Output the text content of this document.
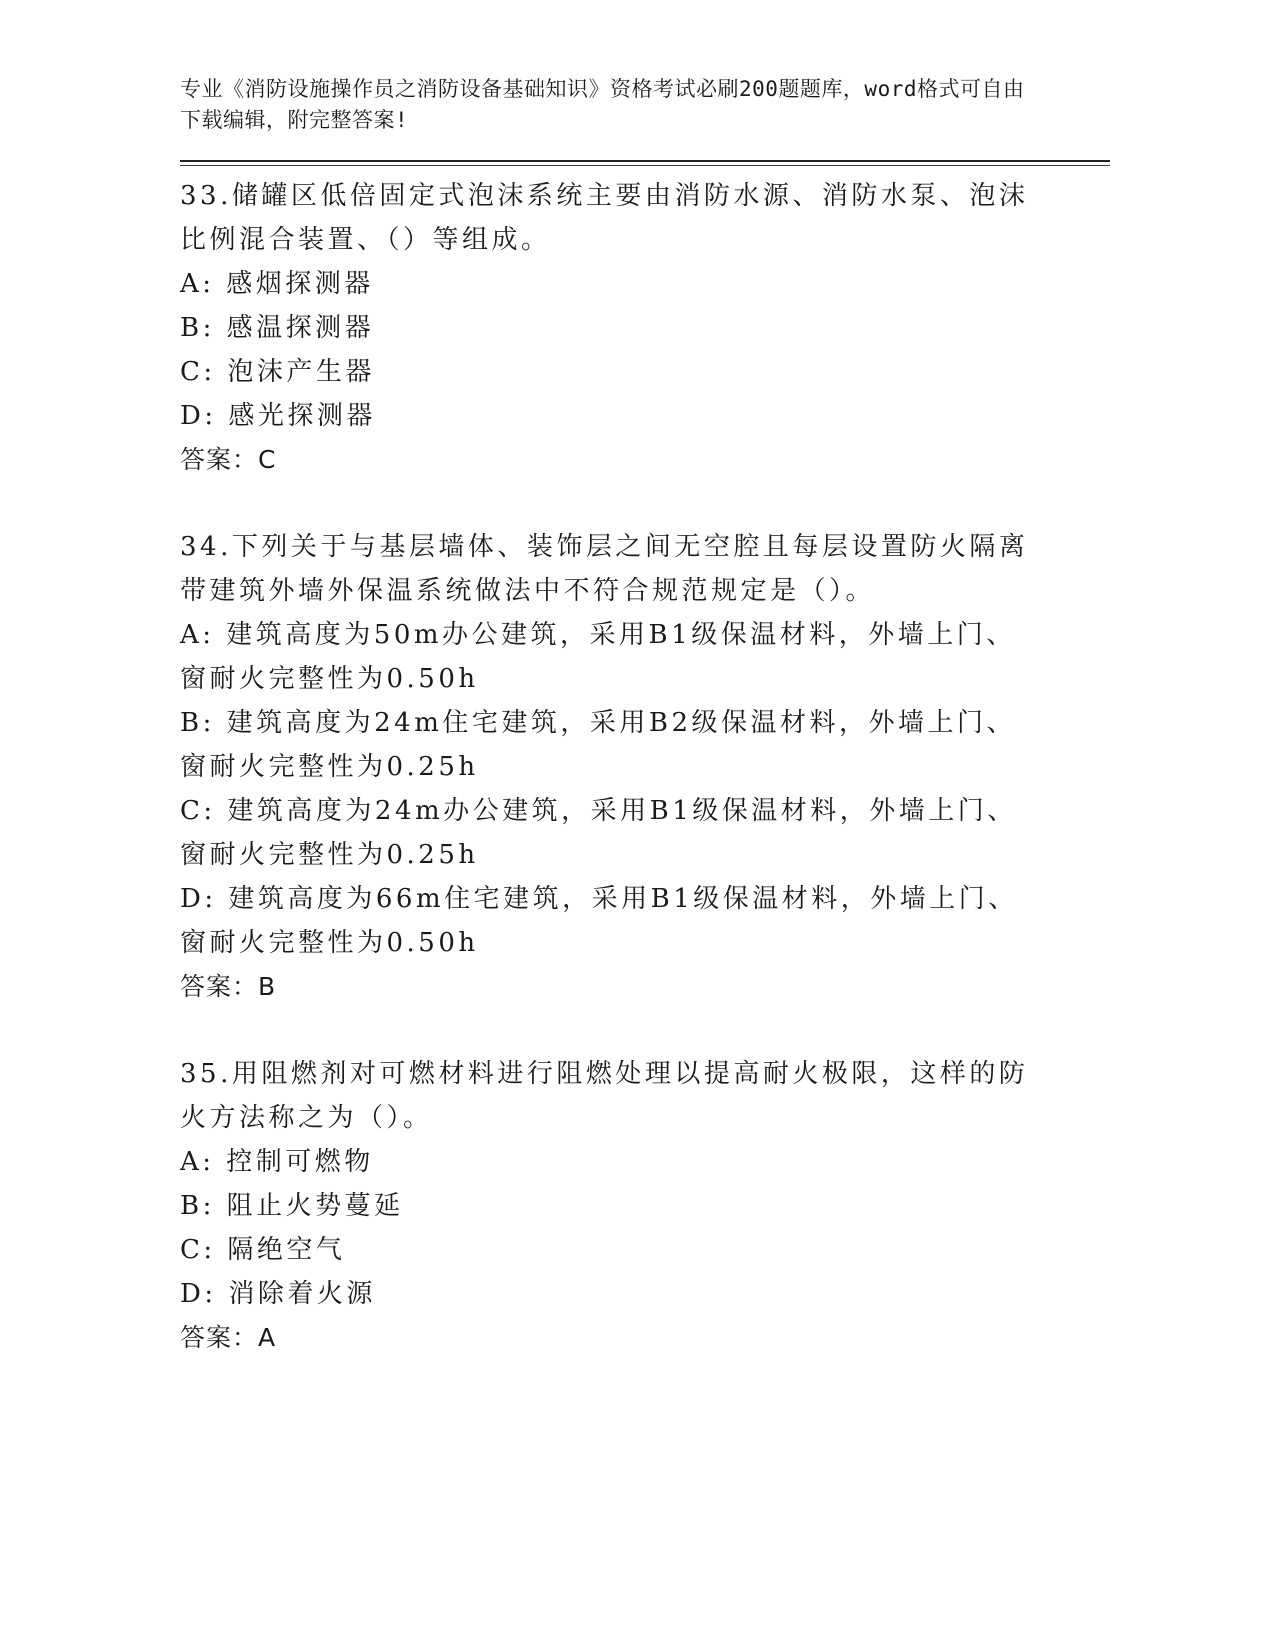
专业《消防设施操作员之消防设备基础知识》资格考试必刷200题题库，word格式可自由下载编辑，附完整答案!
33.储罐区低倍固定式泡沫系统主要由消防水源、消防水泵、泡沫比例混合装置、（）等组成。
A: 感烟探测器
B: 感温探测器
C: 泡沫产生器
D: 感光探测器
答案：C
34.下列关于与基层墙体、装饰层之间无空腔且每层设置防火隔离带建筑外墙外保温系统做法中不符合规范规定是（）。
A: 建筑高度为50m办公建筑，采用B1级保温材料，外墙上门、窗耐火完整性为0.50h
B: 建筑高度为24m住宅建筑，采用B2级保温材料，外墙上门、窗耐火完整性为0.25h
C: 建筑高度为24m办公建筑，采用B1级保温材料，外墙上门、窗耐火完整性为0.25h
D: 建筑高度为66m住宅建筑，采用B1级保温材料，外墙上门、窗耐火完整性为0.50h
答案：B
35.用阻燃剂对可燃材料进行阻燃处理以提高耐火极限，这样的防火方法称之为（）。
A: 控制可燃物
B: 阻止火势蔓延
C: 隔绝空气
D: 消除着火源
答案：A
